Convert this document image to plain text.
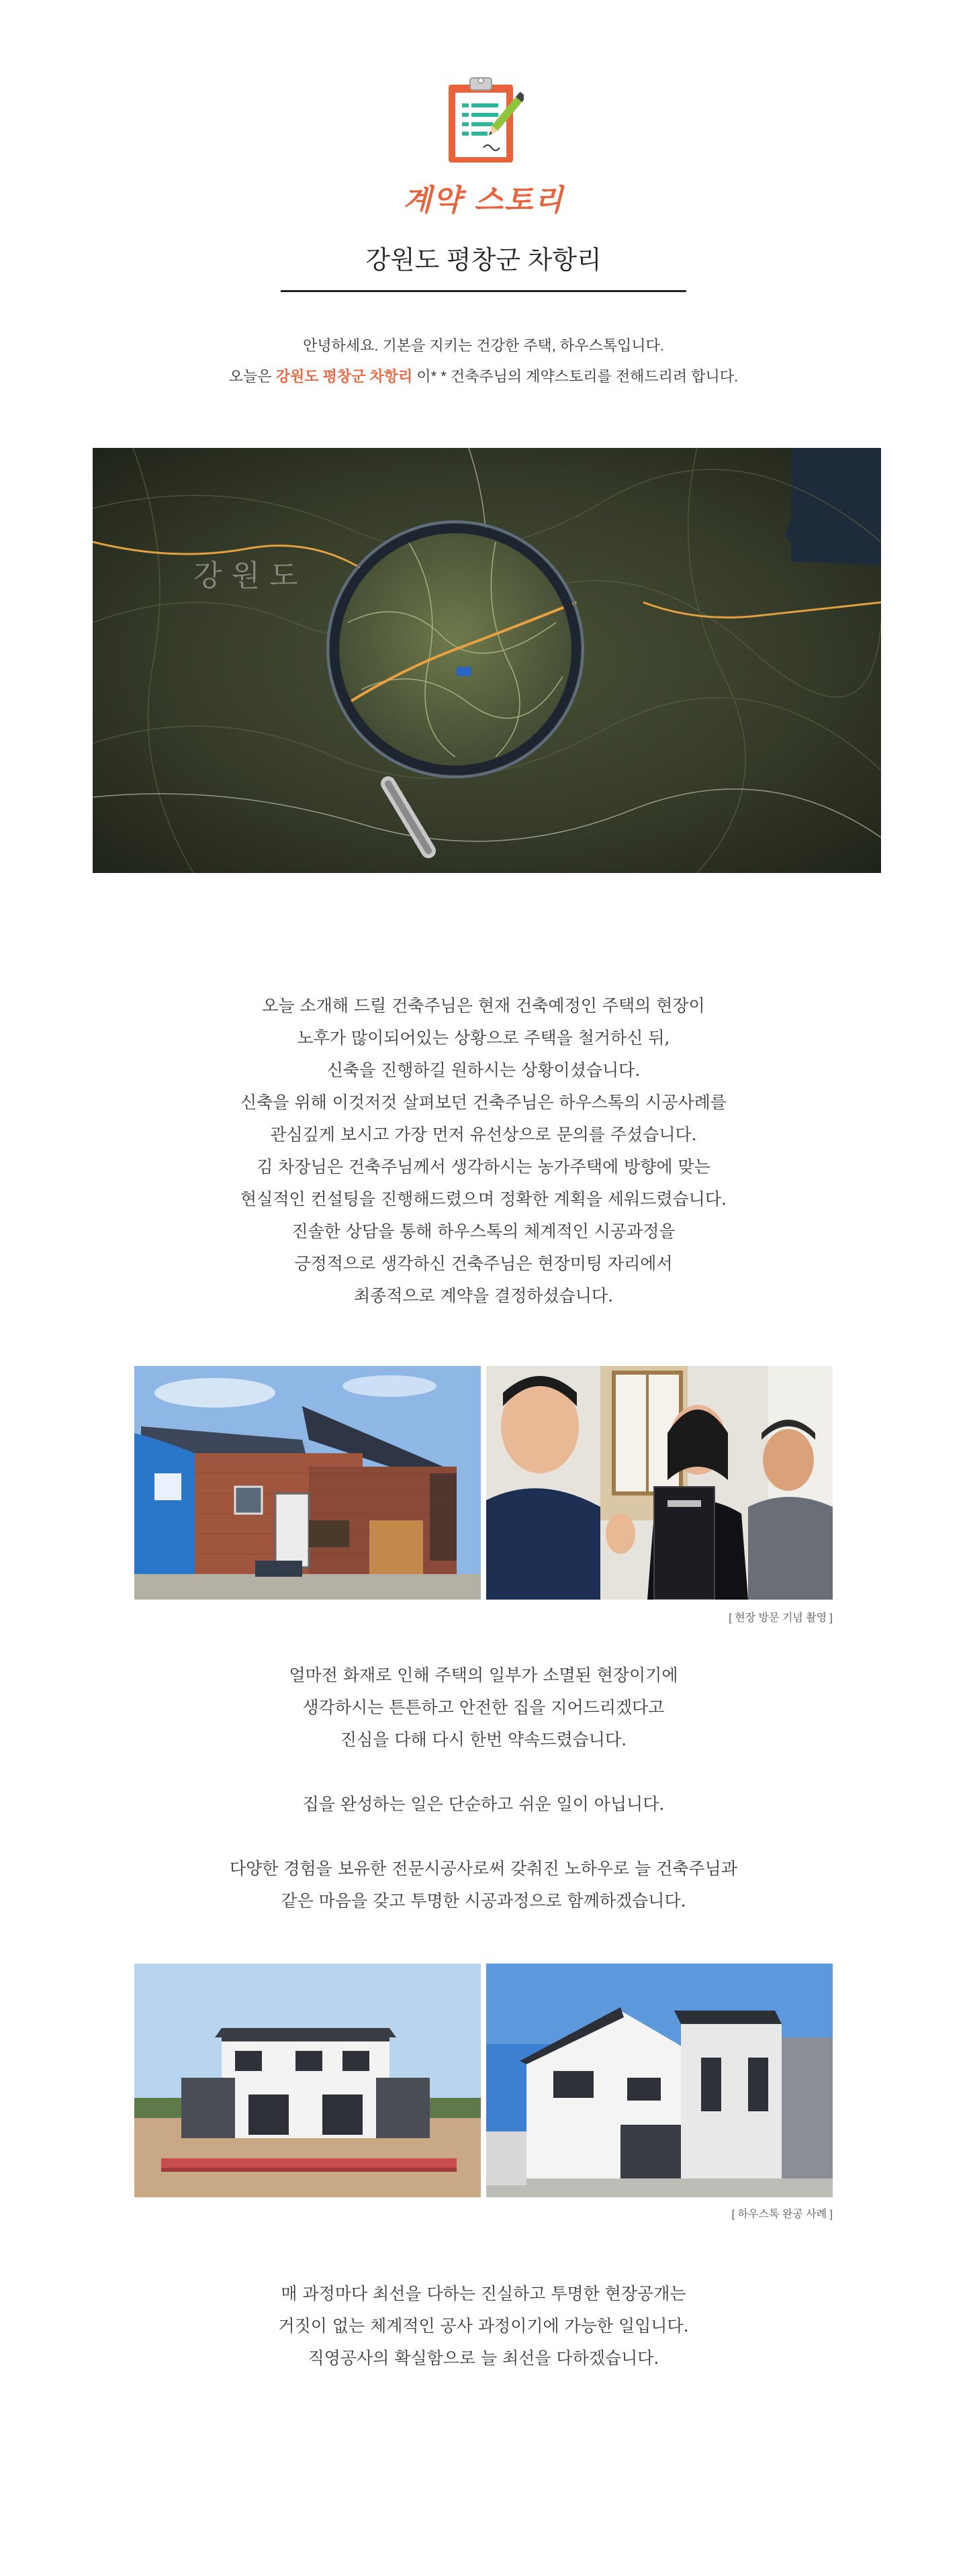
계약 스토리
강원도 평창군 차항리
안녕하세요. 기본을 지키는 건강한 주택, 하우스톡입니다.
오늘은 강원도 평창군 차항리 이* * 건축주님의 계약스토리를 전해드리려 합니다.
강 원 도

오늘 소개해 드릴 건축주님은 현재 건축예정인 주택의 현장이

노후가 많이되어있는 상황으로 주택을 철거하신 뒤,

신축을 진행하길 원하시는 상황이셨습니다.

신축을 위해 이것저것 살펴보던 건축주님은 하우스톡의 시공사례를

관심깊게 보시고 가장 먼저 유선상으로 문의를 주셨습니다.

김 차장님은 건축주님께서 생각하시는 농가주택에 방향에 맞는

현실적인 컨설팅을 진행해드렸으며 정확한 계획을 세워드렸습니다.

진솔한 상담을 통해 하우스톡의 체계적인 시공과정을

긍정적으로 생각하신 건축주님은 현장미팅 자리에서

최종적으로 계약을 결정하셨습니다.

[ 현장 방문 기념 촬영 ]

얼마전 화재로 인해 주택의 일부가 소멸된 현장이기에

생각하시는 튼튼하고 안전한 집을 지어드리겠다고

진심을 다해 다시 한번 약속드렸습니다.

집을 완성하는 일은 단순하고 쉬운 일이 아닙니다.

다양한 경험을 보유한 전문시공사로써 갖춰진 노하우로 늘 건축주님과

같은 마음을 갖고 투명한 시공과정으로 함께하겠습니다.

[ 하우스톡 완공 사례 ]

매 과정마다 최선을 다하는 진실하고 투명한 현장공개는

거짓이 없는 체계적인 공사 과정이기에 가능한 일입니다.

직영공사의 확실함으로 늘 최선을 다하겠습니다.
